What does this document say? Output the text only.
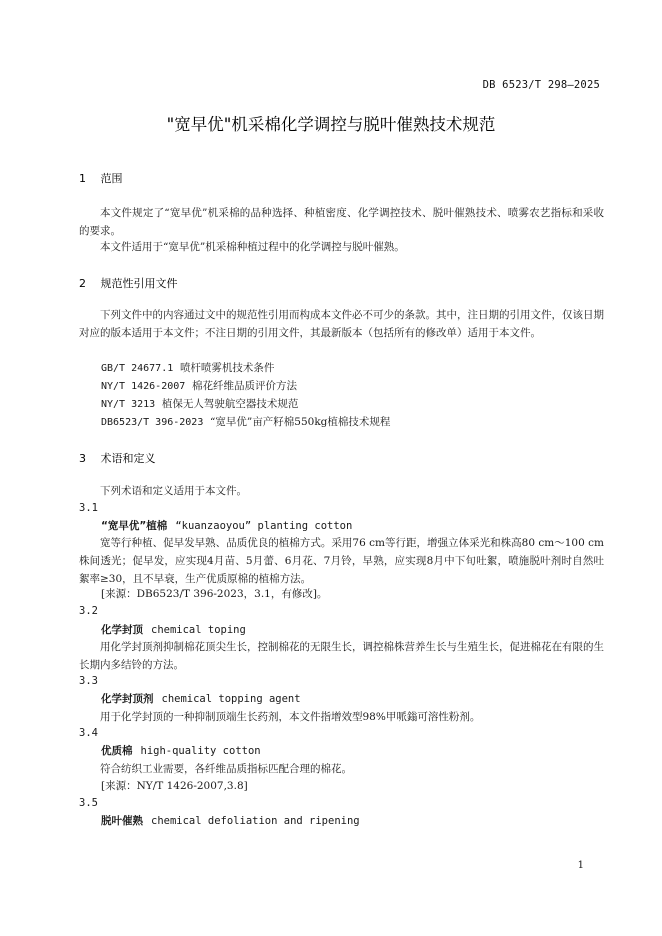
DB 6523/T 298—2025
"宽早优"机采棉化学调控与脱叶催熟技术规范
1 范围

本文件规定了“宽早优”机采棉的品种选择、种植密度、化学调控技术、脱叶催熟技术、喷雾农艺指标和采收的要求。

本文件适用于“宽早优”机采棉种植过程中的化学调控与脱叶催熟。

2 规范性引用文件

下列文件中的内容通过文中的规范性引用而构成本文件必不可少的条款。其中，注日期的引用文件，仅该日期对应的版本适用于本文件；不注日期的引用文件，其最新版本（包括所有的修改单）适用于本文件。

GB/T 24677.1 喷杆喷雾机技术条件
NY/T 1426-2007 棉花纤维品质评价方法
NY/T 3213 植保无人驾驶航空器技术规范
DB6523/T 396-2023 “宽早优”亩产籽棉550kg植棉技术规程
3 术语和定义

下列术语和定义适用于本文件。

3.1
“宽早优”植棉 “kuanzaoyou” planting cotton

宽等行种植、促早发早熟、品质优良的植棉方式。采用76 cm等行距，增强立体采光和株高80 cm～100 cm株间透光；促早发，应实现4月苗、5月蕾、6月花、7月铃，早熟，应实现8月中下旬吐絮，喷施脱叶剂时自然吐絮率≥30，且不早衰，生产优质原棉的植棉方法。

[来源：DB6523/T 396-2023，3.1，有修改]。
3.2
化学封顶 chemical toping

用化学封顶剂抑制棉花顶尖生长，控制棉花的无限生长，调控棉株营养生长与生殖生长，促进棉花在有限的生长期内多结铃的方法。

3.3
化学封顶剂 chemical topping agent

用于化学封顶的一种抑制顶端生长药剂，本文件指增效型98%甲哌鎓可溶性粉剂。

3.4
优质棉 high-quality cotton

符合纺织工业需要，各纤维品质指标匹配合理的棉花。

[来源：NY/T 1426-2007,3.8]
3.5
脱叶催熟 chemical defoliation and ripening
1
